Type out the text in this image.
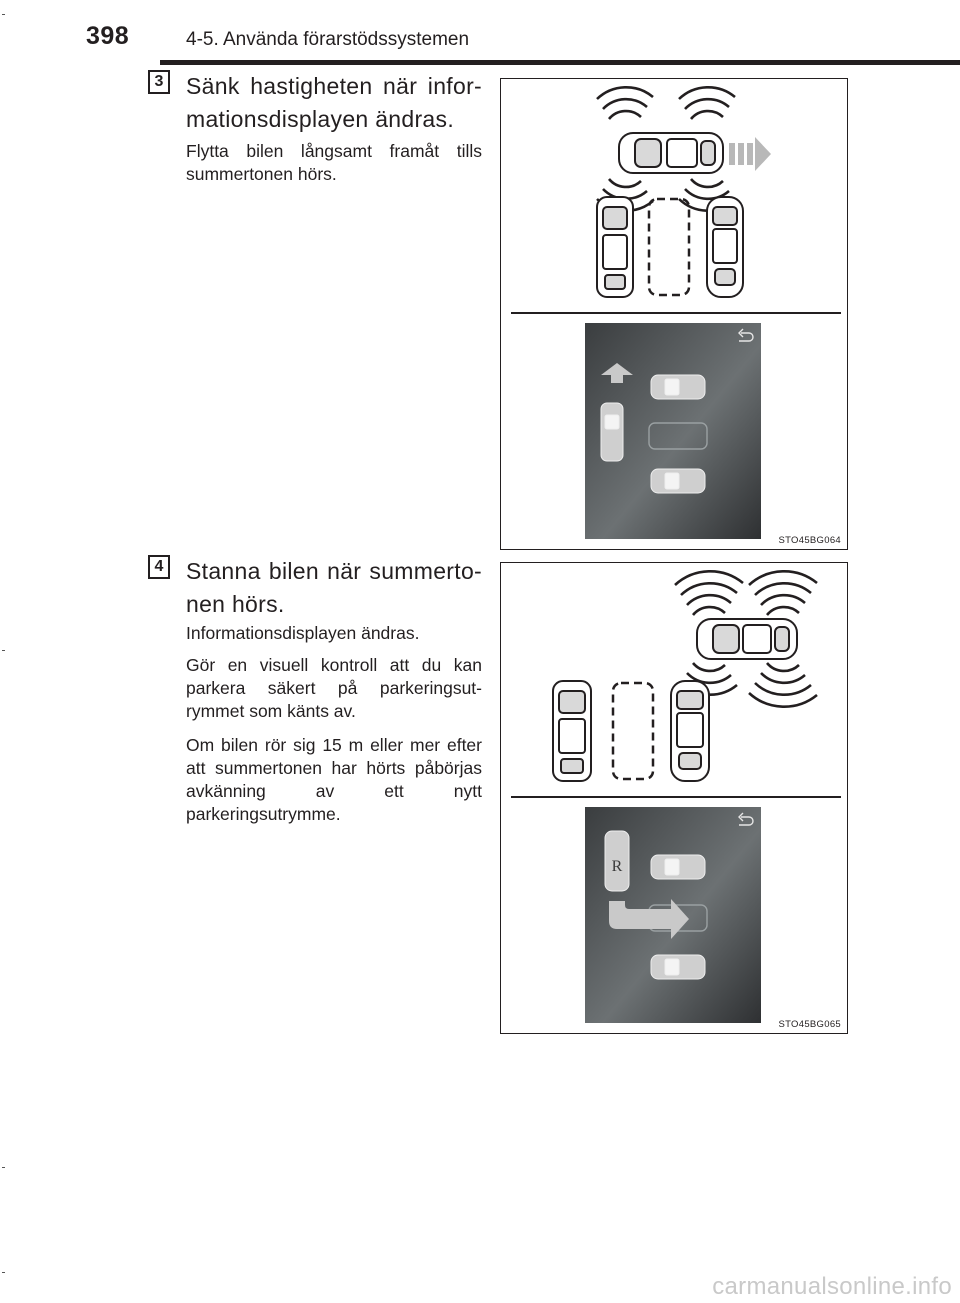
398	4-5. Använda förarstödssystemen
3 Sänk hastigheten när infor-mationsdisplayen ändras.

Flytta bilen långsamt framåt tills summertonen hörs.

STO45BG064
4 Stanna bilen när summerto-nen hörs.

Informationsdisplayen ändras.

Gör en visuell kontroll att du kan parkera säkert på parkeringsut-rymmet som känts av.

Om bilen rör sig 15 m eller mer efter att summertonen har hörts påbörjas avkänning av ett nytt parkeringsutrymme.

R
STO45BG065
carmanualsonline.info
